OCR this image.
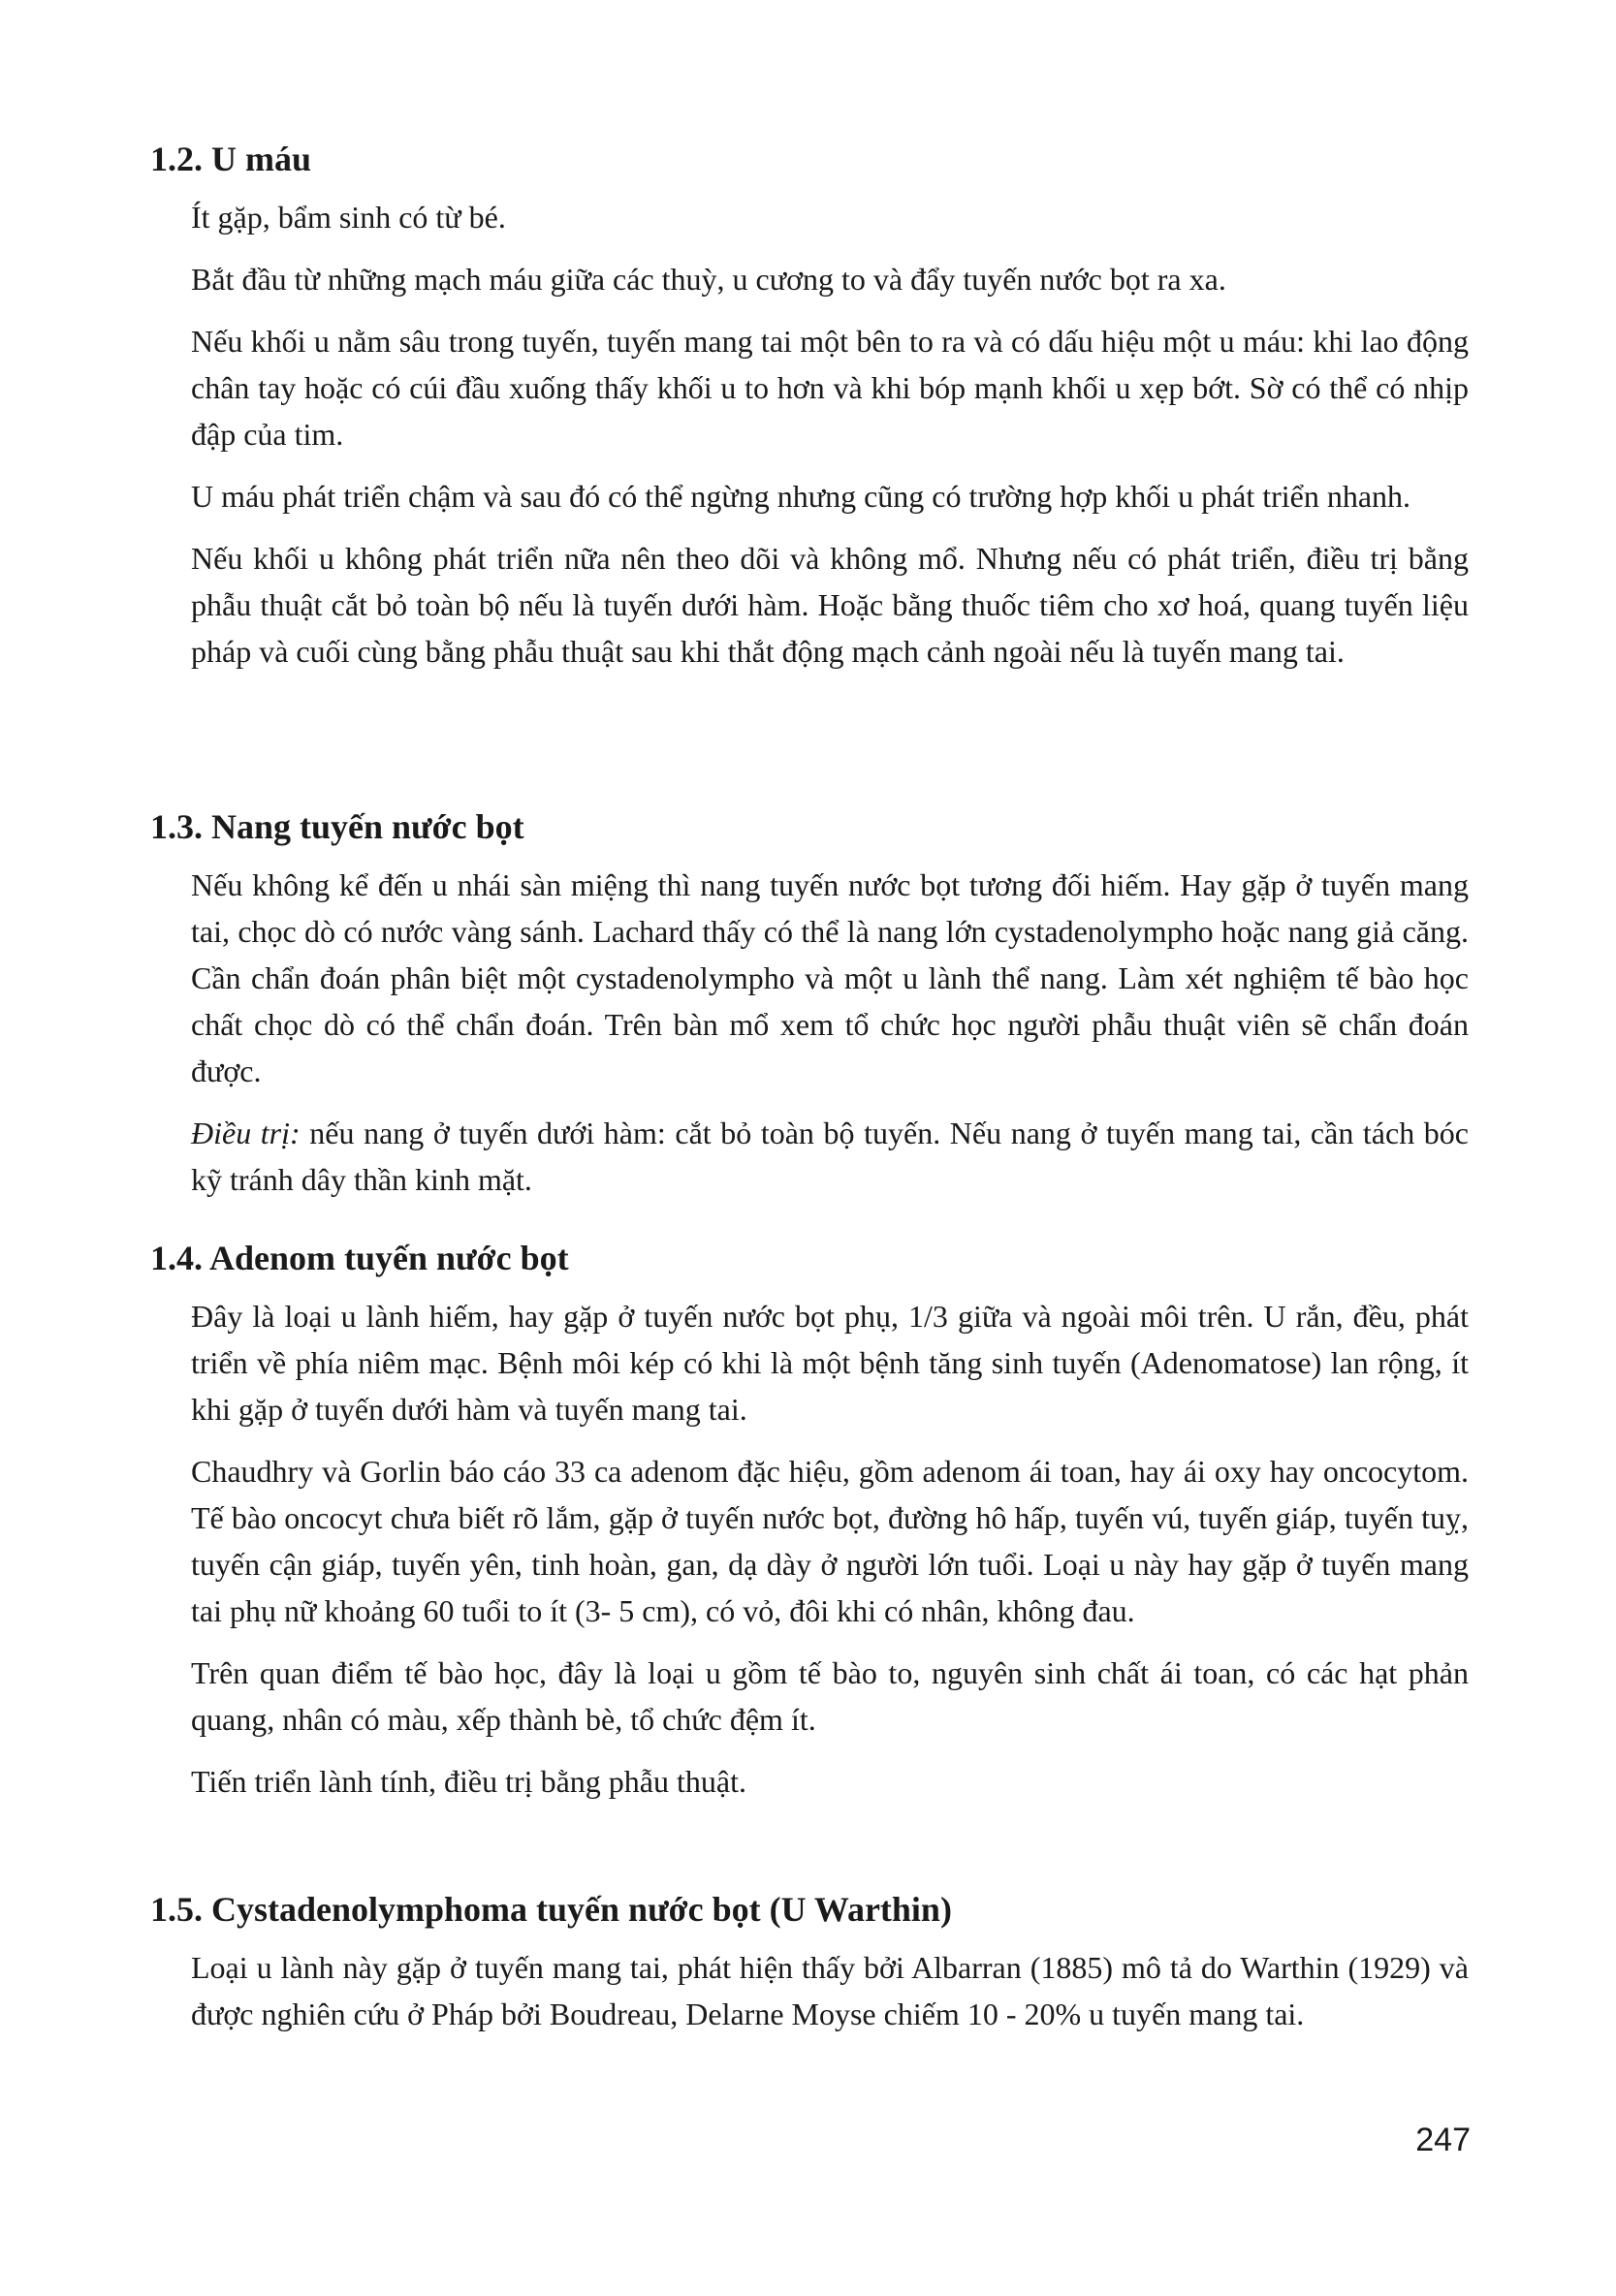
1.2. U máu

Ít gặp, bẩm sinh có từ bé.

Bắt đầu từ những mạch máu giữa các thuỳ, u cương to và đẩy tuyến nước bọt ra xa.

Nếu khối u nằm sâu trong tuyến, tuyến mang tai một bên to ra và có dấu hiệu một u máu: khi lao động chân tay hoặc có cúi đầu xuống thấy khối u to hơn và khi bóp mạnh khối u xẹp bớt. Sờ có thể có nhịp đập của tim.

U máu phát triển chậm và sau đó có thể ngừng nhưng cũng có trường hợp khối u phát triển nhanh.

Nếu khối u không phát triển nữa nên theo dõi và không mổ. Nhưng nếu có phát triển, điều trị bằng phẫu thuật cắt bỏ toàn bộ nếu là tuyến dưới hàm. Hoặc bằng thuốc tiêm cho xơ hoá, quang tuyến liệu pháp và cuối cùng bằng phẫu thuật sau khi thắt động mạch cảnh ngoài nếu là tuyến mang tai.

1.3. Nang tuyến nước bọt

Nếu không kể đến u nhái sàn miệng thì nang tuyến nước bọt tương đối hiếm. Hay gặp ở tuyến mang tai, chọc dò có nước vàng sánh. Lachard thấy có thể là nang lớn cystadenolympho hoặc nang giả căng. Cần chẩn đoán phân biệt một cystadenolympho và một u lành thể nang. Làm xét nghiệm tế bào học chất chọc dò có thể chẩn đoán. Trên bàn mổ xem tổ chức học người phẫu thuật viên sẽ chẩn đoán được.

Điều trị: nếu nang ở tuyến dưới hàm: cắt bỏ toàn bộ tuyến. Nếu nang ở tuyến mang tai, cần tách bóc kỹ tránh dây thần kinh mặt.

1.4. Adenom tuyến nước bọt

Đây là loại u lành hiếm, hay gặp ở tuyến nước bọt phụ, 1/3 giữa và ngoài môi trên. U rắn, đều, phát triển về phía niêm mạc. Bệnh môi kép có khi là một bệnh tăng sinh tuyến (Adenomatose) lan rộng, ít khi gặp ở tuyến dưới hàm và tuyến mang tai.

Chaudhry và Gorlin báo cáo 33 ca adenom đặc hiệu, gồm adenom ái toan, hay ái oxy hay oncocytom. Tế bào oncocyt chưa biết rõ lắm, gặp ở tuyến nước bọt, đường hô hấp, tuyến vú, tuyến giáp, tuyến tuỵ, tuyến cận giáp, tuyến yên, tinh hoàn, gan, dạ dày ở người lớn tuổi. Loại u này hay gặp ở tuyến mang tai phụ nữ khoảng 60 tuổi to ít (3- 5 cm), có vỏ, đôi khi có nhân, không đau.

Trên quan điểm tế bào học, đây là loại u gồm tế bào to, nguyên sinh chất ái toan, có các hạt phản quang, nhân có màu, xếp thành bè, tổ chức đệm ít.

Tiến triển lành tính, điều trị bằng phẫu thuật.

1.5. Cystadenolymphoma tuyến nước bọt (U Warthin)

Loại u lành này gặp ở tuyến mang tai, phát hiện thấy bởi Albarran (1885) mô tả do Warthin (1929) và được nghiên cứu ở Pháp bởi Boudreau, Delarne Moyse chiếm 10 - 20% u tuyến mang tai.

247
